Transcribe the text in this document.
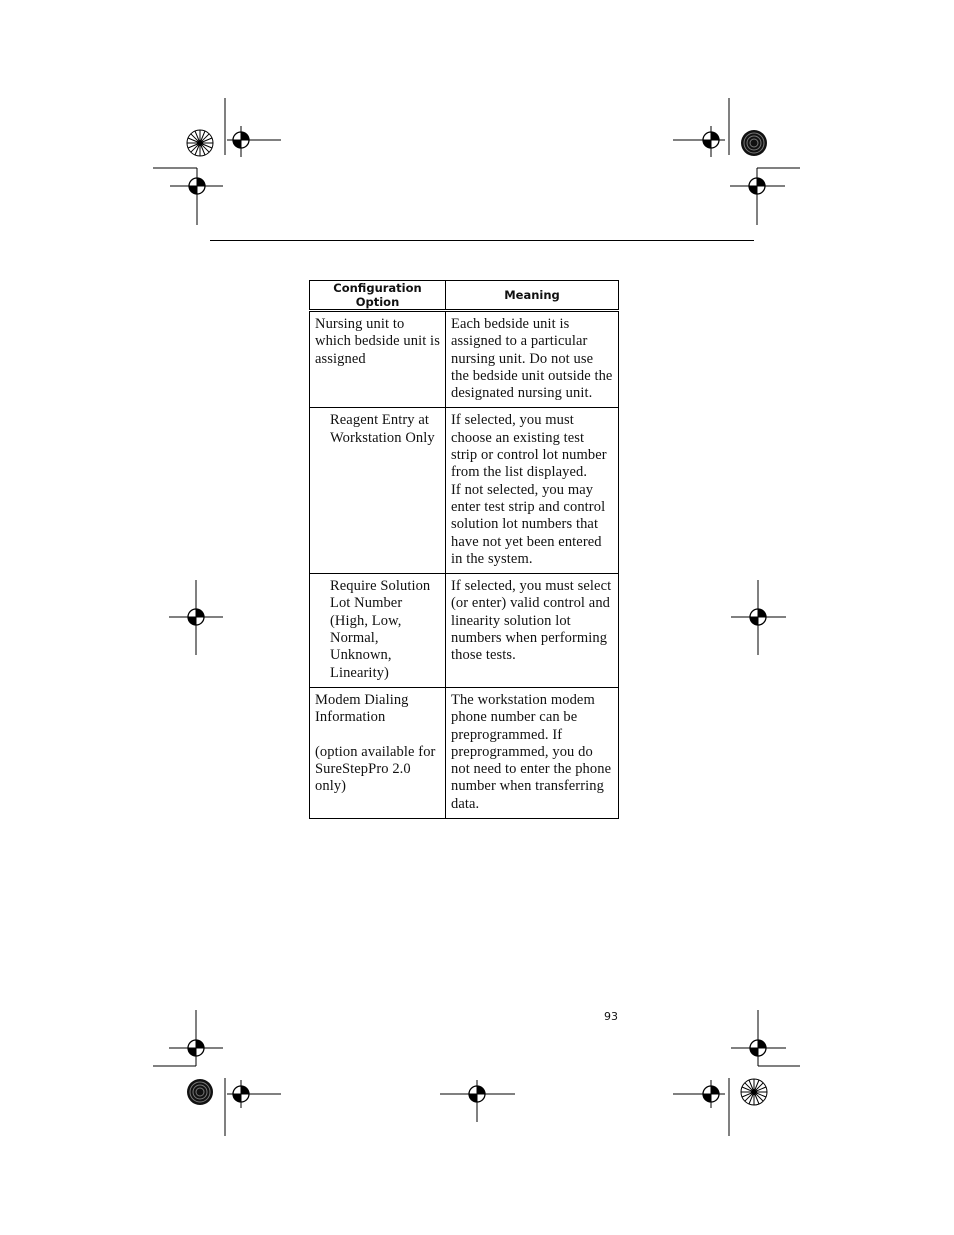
Configuration Option	Meaning
Nursing unit to which bedside unit is assigned	Each bedside unit is assigned to a particular nursing unit. Do not use the bedside unit outside the designated nursing unit.
Reagent Entry at Workstation Only	If selected, you must choose an existing test strip or control lot number from the list displayed.
If not selected, you may enter test strip and control solution lot numbers that have not yet been entered in the system.
Require Solution Lot Number (High, Low, Normal, Unknown, Linearity)	If selected, you must select (or enter) valid control and linearity solution lot numbers when performing those tests.
Modem Dialing Information
(option available for SureStepPro 2.0 only)	The workstation modem phone number can be preprogrammed. If preprogrammed, you do not need to enter the phone number when transferring data.
93
